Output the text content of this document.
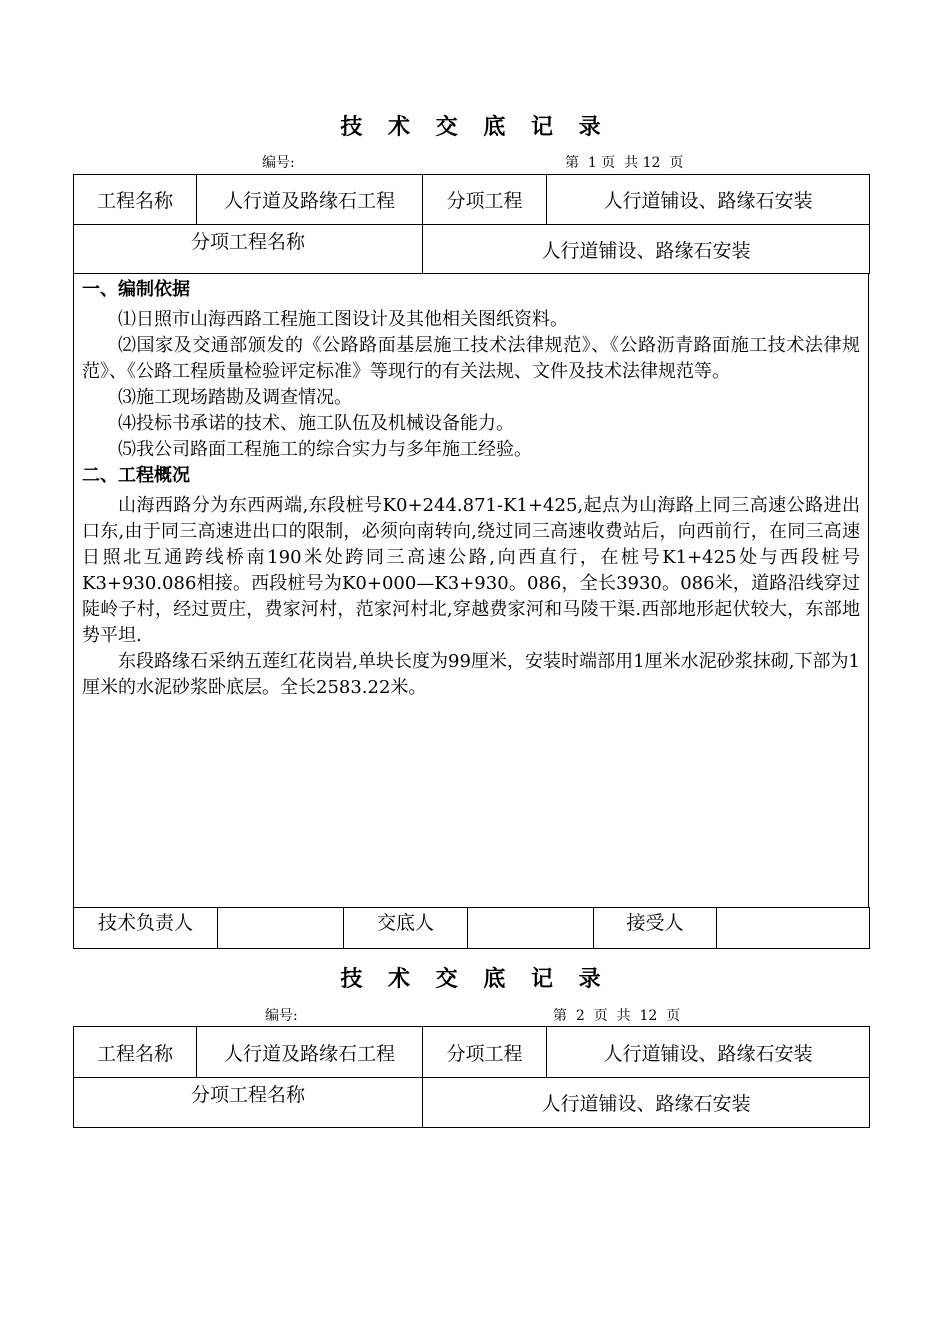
技 术 交 底 记 录
编号:	第  1 页  共 12  页
工程名称	人行道及路缘石工程	分项工程	人行道铺设、路缘石安装
分项工程名称		人行道铺设、路缘石安装	
一、编制依据

⑴日照市山海西路工程施工图设计及其他相关图纸资料。

⑵国家及交通部颁发的《公路路面基层施工技术法律规范》、《公路沥青路面施工技术法律规范》、《公路工程质量检验评定标准》等现行的有关法规、文件及技术法律规范等。

⑶施工现场踏勘及调查情况。

⑷投标书承诺的技术、施工队伍及机械设备能力。

⑸我公司路面工程施工的综合实力与多年施工经验。

二、工程概况

山海西路分为东西两端,东段桩号K0+244.871-K1+425,起点为山海路上同三高速公路进出口东,由于同三高速进出口的限制，必须向南转向,绕过同三高速收费站后，向西前行，在同三高速日照北互通跨线桥南190米处跨同三高速公路,向西直行，在桩号K1+425处与西段桩号K3+930.086相接。西段桩号为K0+000—K3+930。086，全长3930。086米，道路沿线穿过陡岭子村，经过贾庄，费家河村，范家河村北,穿越费家河和马陵干渠.西部地形起伏较大，东部地势平坦.

东段路缘石采纳五莲红花岗岩,单块长度为99厘米，安装时端部用1厘米水泥砂浆抹砌,下部为1厘米的水泥砂浆卧底层。全长2583.22米。

技术负责人		交底人		接受人	
技 术 交 底 记 录
编号:	第  2  页  共  12  页
工程名称	人行道及路缘石工程	分项工程	人行道铺设、路缘石安装
分项工程名称		人行道铺设、路缘石安装	
